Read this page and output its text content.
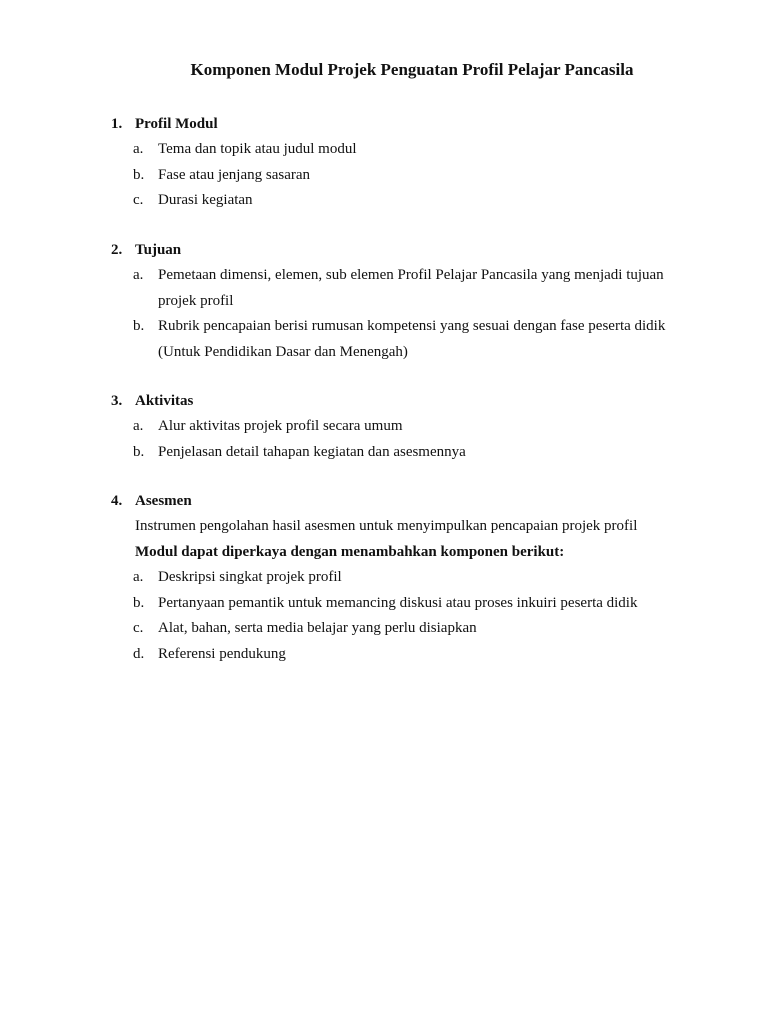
Komponen Modul Projek Penguatan Profil Pelajar Pancasila
1. Profil Modul
a. Tema dan topik atau judul modul
b. Fase atau jenjang sasaran
c. Durasi kegiatan
2. Tujuan
a. Pemetaan dimensi, elemen, sub elemen Profil Pelajar Pancasila yang menjadi tujuan
projek profil
b. Rubrik pencapaian berisi rumusan kompetensi yang sesuai dengan fase peserta didik
(Untuk Pendidikan Dasar dan Menengah)
3. Aktivitas
a. Alur aktivitas projek profil secara umum
b. Penjelasan detail tahapan kegiatan dan asesmennya
4. Asesmen
Instrumen pengolahan hasil asesmen untuk menyimpulkan pencapaian projek profil
Modul dapat diperkaya dengan menambahkan komponen berikut:
a. Deskripsi singkat projek profil
b. Pertanyaan pemantik untuk memancing diskusi atau proses inkuiri peserta didik
c. Alat, bahan, serta media belajar yang perlu disiapkan
d. Referensi pendukung
